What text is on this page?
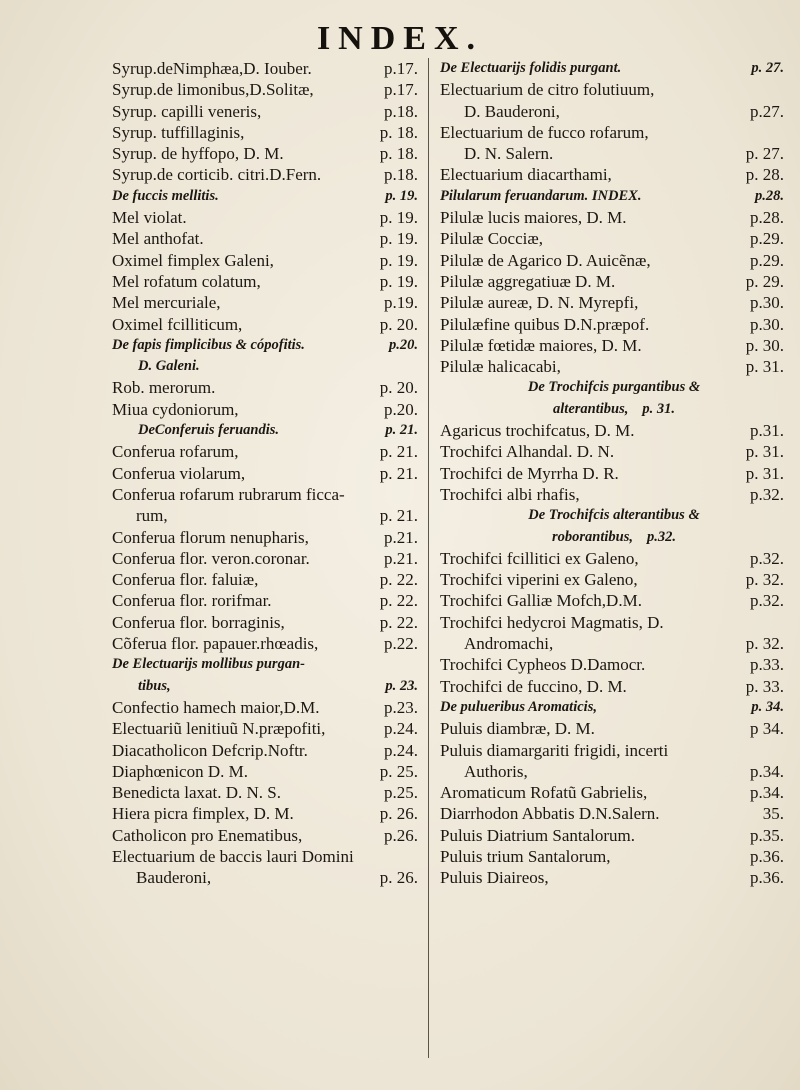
INDEX.
Syrup.deNimphæa,D. Iouber.	p.17.
Syrup.de limonibus,D.Solitæ,	p.17.
Syrup. capilli veneris,	p.18.
Syrup. tuffillaginis,	p. 18.
Syrup. de hyffopo, D. M.	p. 18.
Syrup.de corticib. citri.D.Fern.	p.18.
De fuccis mellitis.	p. 19.
Mel violat.	p. 19.
Mel anthofat.	p. 19.
Oximel fimplex Galeni,	p. 19.
Mel rofatum colatum,	p. 19.
Mel mercuriale,	p.19.
Oximel fcilliticum,	p. 20.
De fapis fimplicibus & cópofitis.	p.20.
D. Galeni.
Rob. merorum.	p. 20.
Miua cydoniorum,	p.20.
DeConferuis feruandis.	p. 21.
Conferua rofarum,	p. 21.
Conferua violarum,	p. 21.
Conferua rofarum rubrarum ficca-
rum,	p. 21.
Conferua florum nenupharis,	p.21.
Conferua flor. veron.coronar.	p.21.
Conferua flor. faluiæ,	p. 22.
Conferua flor. rorifmar.	p. 22.
Conferua flor. borraginis,	p. 22.
Cõferua flor. papauer.rhœadis,	p.22.
De Electuarijs mollibus purgan-
tibus,	p. 23.
Confectio hamech maior,D.M.	p.23.
Electuariũ lenitiuũ N.præpofiti,	p.24.
Diacatholicon Defcrip.Noftr.	p.24.
Diaphœnicon D. M.	p. 25.
Benedicta laxat. D. N. S.	p.25.
Hiera picra fimplex, D. M.	p. 26.
Catholicon pro Enematibus,	p.26.
Electuarium de baccis lauri Domini
Bauderoni,	p. 26.
De Electuarijs folidis purgant.	p. 27.
Electuarium de citro folutiuum,
D. Bauderoni,	p.27.
Electuarium de fucco rofarum,
D. N. Salern.	p. 27.
Electuarium diacarthami,	p. 28.
Pilularum feruandarum. INDEX.	p.28.
Pilulæ lucis maiores, D. M.	p.28.
Pilulæ Cocciæ,	p.29.
Pilulæ de Agarico D. Auicẽnæ,	p.29.
Pilulæ aggregatiuæ D. M.	p. 29.
Pilulæ aureæ, D. N. Myrepfi,	p.30.
Pilulæfine quibus D.N.præpof.	p.30.
Pilulæ fœtidæ maiores, D. M.	p. 30.
Pilulæ halicacabi,	p. 31.
De Trochifcis purgantibus &
alterantibus, p. 31.
Agaricus trochifcatus, D. M.	p.31.
Trochifci Alhandal. D. N.	p. 31.
Trochifci de Myrrha D. R.	p. 31.
Trochifci albi rhafis,	p.32.
De Trochifcis alterantibus &
roborantibus, p.32.
Trochifci fcillitici ex Galeno,	p.32.
Trochifci viperini ex Galeno,	p. 32.
Trochifci Galliæ Mofch,D.M.	p.32.
Trochifci hedycroi Magmatis, D.
Andromachi,	p. 32.
Trochifci Cypheos D.Damocr.	p.33.
Trochifci de fuccino, D. M.	p. 33.
De pulueribus Aromaticis,	p. 34.
Puluis diambræ, D. M.	p 34.
Puluis diamargariti frigidi, incerti
Authoris,	p.34.
Aromaticum Rofatũ Gabrielis,	p.34.
Diarrhodon Abbatis D.N.Salern.	35.
Puluis Diatrium Santalorum.	p.35.
Puluis trium Santalorum,	p.36.
Puluis Diaireos,	p.36.
